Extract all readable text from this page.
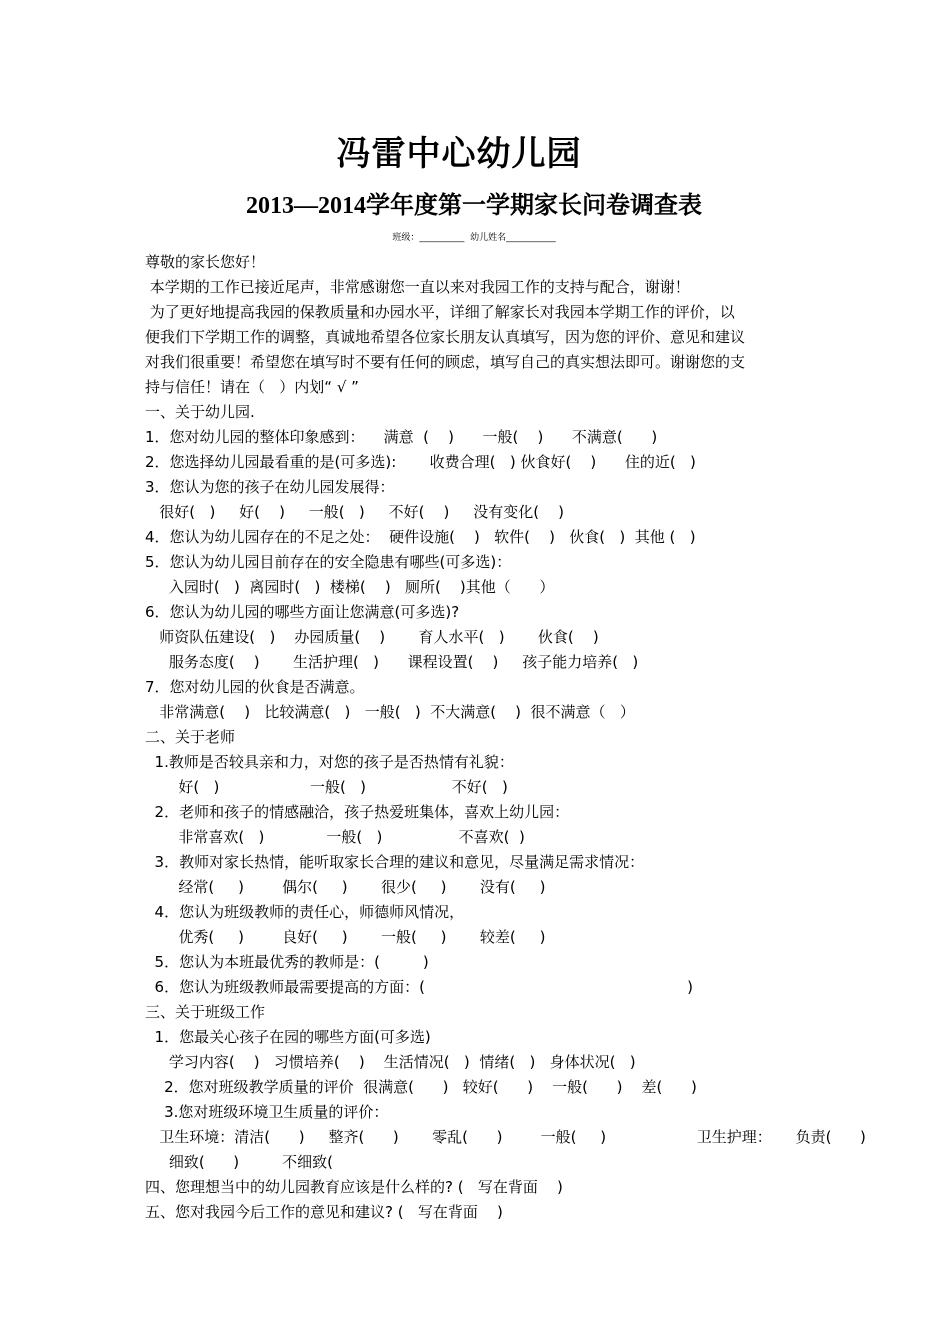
冯雷中心幼儿园
2013—2014学年度第一学期家长问卷调查表
班级：__________  幼儿姓名___________
尊敬的家长您好！
本学期的工作已接近尾声，非常感谢您一直以来对我园工作的支持与配合，谢谢！
为了更好地提高我园的保教质量和办园水平，详细了解家长对我园本学期工作的评价，以
便我们下学期工作的调整，真诚地希望各位家长朋友认真填写，因为您的评价、意见和建议
对我们很重要！希望您在填写时不要有任何的顾虑，填写自己的真实想法即可。谢谢您的支
持与信任！请在（   ）内划“ √ ”
一、关于幼儿园.
1．您对幼儿园的整体印象感到：    满意  (    )      一般(    )      不满意(      )
2．您选择幼儿园最看重的是(可多选):       收费合理(   ) 伙食好(    )      住的近(   )
3．您认为您的孩子在幼儿园发展得：
很好(   )     好(    )     一般(   )     不好(    )     没有变化(    )
4．您认为幼儿园存在的不足之处：  硬件设施(    )   软件(    )   伙食(   )  其他 (   )
5．您认为幼儿园目前存在的安全隐患有哪些(可多选)：
入园时(   )  离园时(   )  楼梯(    )   厕所(    )其他（      ）
6．您认为幼儿园的哪些方面让您满意(可多选)?
师资队伍建设(   )    办园质量(    )       育人水平(   )       伙食(    )
服务态度(    )       生活护理(   )      课程设置(    )     孩子能力培养(   )
7．您对幼儿园的伙食是否满意。
非常满意(    )   比较满意(   )   一般(   )  不大满意(    )  很不满意（   ）
二、关于老师
1.教师是否较具亲和力，对您的孩子是否热情有礼貌：
好(   )                   一般(   )                  不好(   )
2．老师和孩子的情感融洽，孩子热爱班集体，喜欢上幼儿园：
非常喜欢(   )             一般(   )                不喜欢(  )
3．教师对家长热情，能听取家长合理的建议和意见，尽量满足需求情况：
经常(     )        偶尔(     )       很少(     )       没有(     )
4．您认为班级教师的责任心，师德师风情况，
优秀(     )        良好(     )       一般(     )       较差(     )
5．您认为本班最优秀的教师是：(         )
6．您认为班级教师最需要提高的方面：(                                                       )
三、关于班级工作
1．您最关心孩子在园的哪些方面(可多选)
学习内容(    )   习惯培养(    )    生活情况(   )  情绪(   )   身体状况(   )
2．您对班级教学质量的评价  很满意(      )   较好(      )    一般(      )    差(      )
3.您对班级环境卫生质量的评价：
卫生环境：清洁(      )     整齐(      )       零乱(      )        一般(     )                   卫生护理：     负责(      )
细致(      )         不细致(
四、您理想当中的幼儿园教育应该是什么样的? (   写在背面    )
五、您对我园今后工作的意见和建议? (   写在背面    )
